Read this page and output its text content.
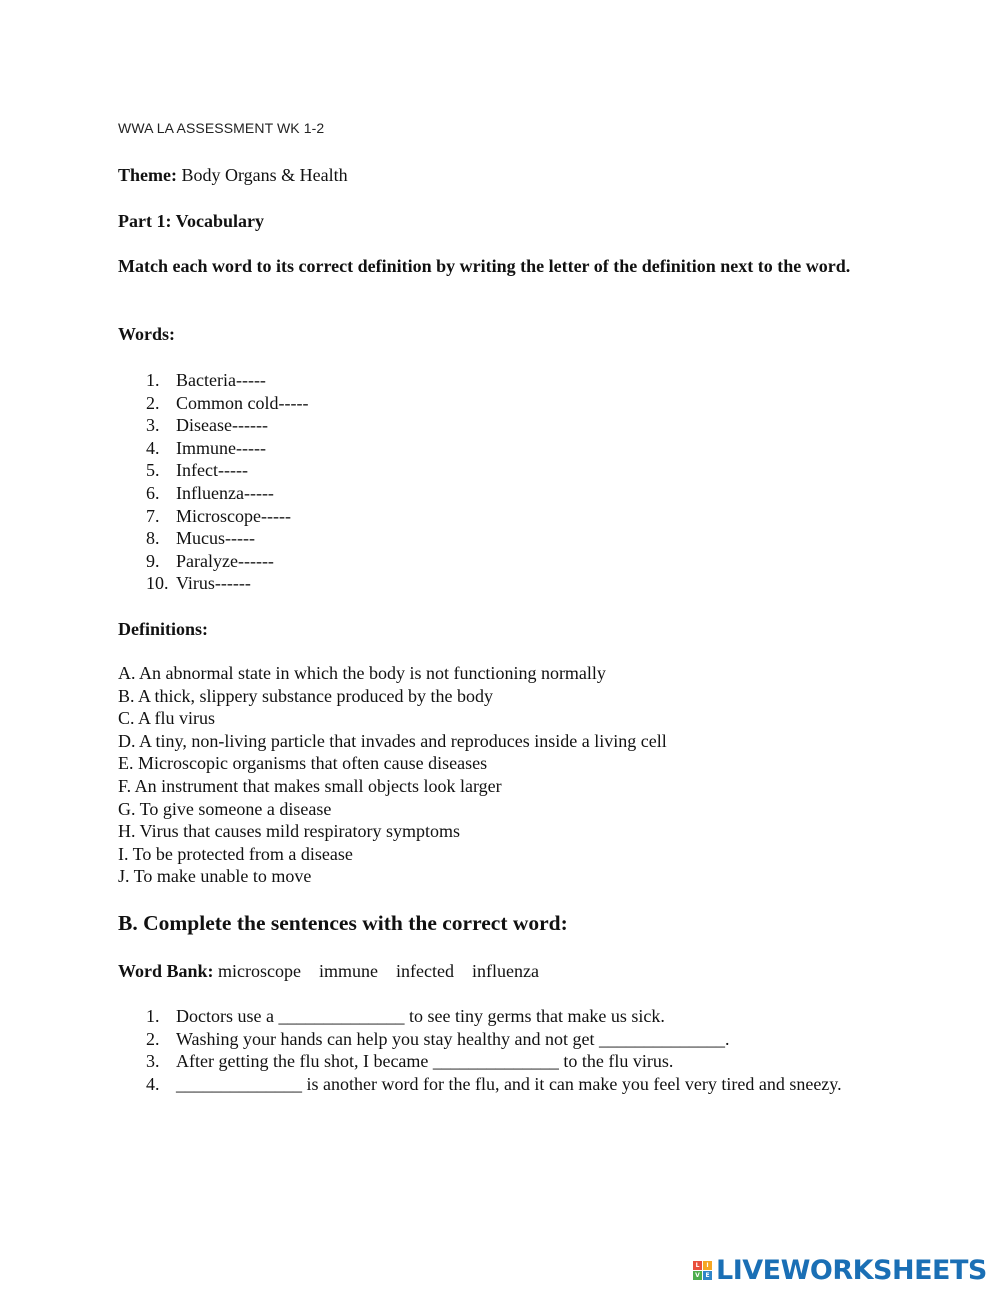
WWA LA ASSESSMENT WK 1-2
Theme: Body Organs & Health
Part 1: Vocabulary
Match each word to its correct definition by writing the letter of the definition next to the word.
Words:
1. Bacteria-----
2. Common cold-----
3. Disease------
4. Immune-----
5. Infect-----
6. Influenza-----
7. Microscope-----
8. Mucus-----
9. Paralyze------
10. Virus------
Definitions:
A. An abnormal state in which the body is not functioning normally
B. A thick, slippery substance produced by the body
C. A flu virus
D. A tiny, non-living particle that invades and reproduces inside a living cell
E. Microscopic organisms that often cause diseases
F. An instrument that makes small objects look larger
G. To give someone a disease
H. Virus that causes mild respiratory symptoms
I. To be protected from a disease
J. To make unable to move
B. Complete the sentences with the correct word:
Word Bank: microscope immune infected influenza
1. Doctors use a ______________ to see tiny germs that make us sick.
2. Washing your hands can help you stay healthy and not get ______________.
3. After getting the flu shot, I became ______________ to the flu virus.
4. ______________ is another word for the flu, and it can make you feel very tired and sneezy.
L	I
V E LIVEWORKSHEETS
